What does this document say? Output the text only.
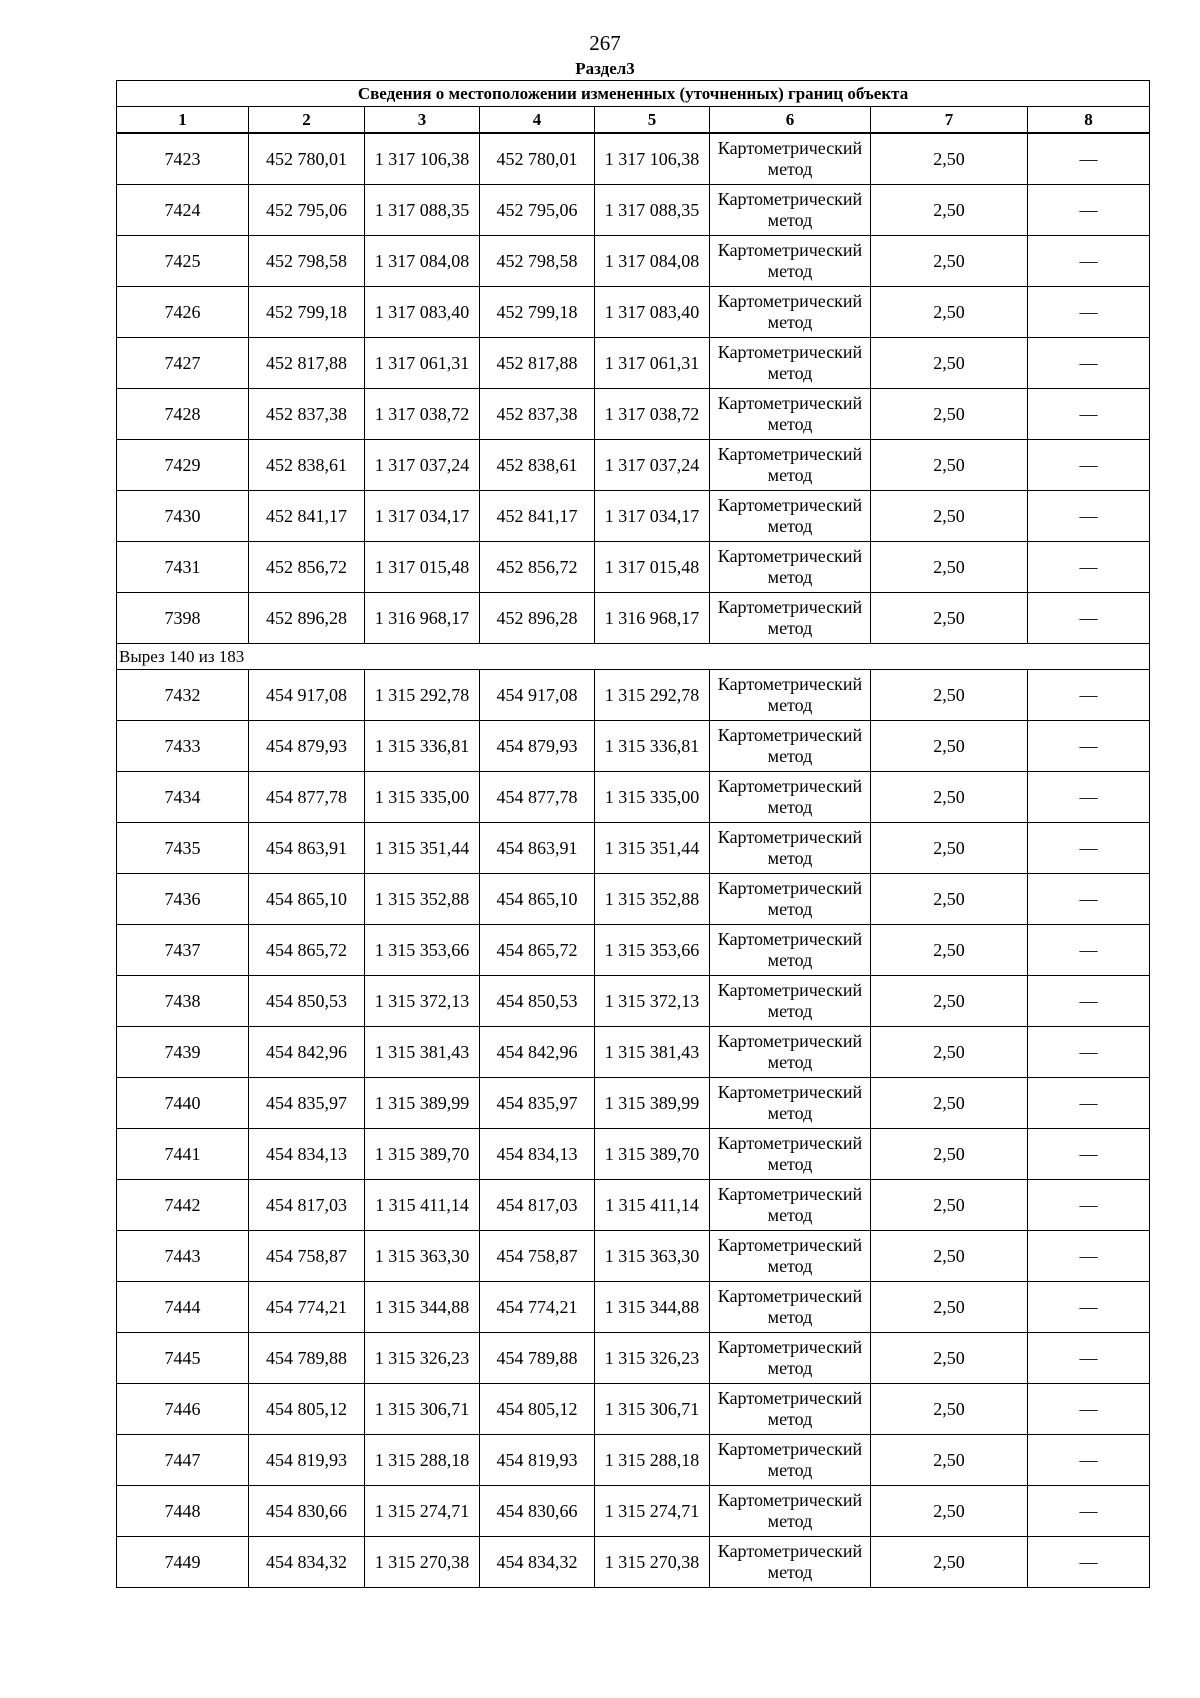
267
Раздел3
Сведения о местоположении измененных (уточненных) границ объекта							
1	2	3	4	5	6	7	8
7423	452 780,01	1 317 106,38	452 780,01	1 317 106,38	Картометрический метод	2,50	—
7424	452 795,06	1 317 088,35	452 795,06	1 317 088,35	Картометрический метод	2,50	—
7425	452 798,58	1 317 084,08	452 798,58	1 317 084,08	Картометрический метод	2,50	—
7426	452 799,18	1 317 083,40	452 799,18	1 317 083,40	Картометрический метод	2,50	—
7427	452 817,88	1 317 061,31	452 817,88	1 317 061,31	Картометрический метод	2,50	—
7428	452 837,38	1 317 038,72	452 837,38	1 317 038,72	Картометрический метод	2,50	—
7429	452 838,61	1 317 037,24	452 838,61	1 317 037,24	Картометрический метод	2,50	—
7430	452 841,17	1 317 034,17	452 841,17	1 317 034,17	Картометрический метод	2,50	—
7431	452 856,72	1 317 015,48	452 856,72	1 317 015,48	Картометрический метод	2,50	—
7398	452 896,28	1 316 968,17	452 896,28	1 316 968,17	Картометрический метод	2,50	—
Вырез 140 из 183							
7432	454 917,08	1 315 292,78	454 917,08	1 315 292,78	Картометрический метод	2,50	—
7433	454 879,93	1 315 336,81	454 879,93	1 315 336,81	Картометрический метод	2,50	—
7434	454 877,78	1 315 335,00	454 877,78	1 315 335,00	Картометрический метод	2,50	—
7435	454 863,91	1 315 351,44	454 863,91	1 315 351,44	Картометрический метод	2,50	—
7436	454 865,10	1 315 352,88	454 865,10	1 315 352,88	Картометрический метод	2,50	—
7437	454 865,72	1 315 353,66	454 865,72	1 315 353,66	Картометрический метод	2,50	—
7438	454 850,53	1 315 372,13	454 850,53	1 315 372,13	Картометрический метод	2,50	—
7439	454 842,96	1 315 381,43	454 842,96	1 315 381,43	Картометрический метод	2,50	—
7440	454 835,97	1 315 389,99	454 835,97	1 315 389,99	Картометрический метод	2,50	—
7441	454 834,13	1 315 389,70	454 834,13	1 315 389,70	Картометрический метод	2,50	—
7442	454 817,03	1 315 411,14	454 817,03	1 315 411,14	Картометрический метод	2,50	—
7443	454 758,87	1 315 363,30	454 758,87	1 315 363,30	Картометрический метод	2,50	—
7444	454 774,21	1 315 344,88	454 774,21	1 315 344,88	Картометрический метод	2,50	—
7445	454 789,88	1 315 326,23	454 789,88	1 315 326,23	Картометрический метод	2,50	—
7446	454 805,12	1 315 306,71	454 805,12	1 315 306,71	Картометрический метод	2,50	—
7447	454 819,93	1 315 288,18	454 819,93	1 315 288,18	Картометрический метод	2,50	—
7448	454 830,66	1 315 274,71	454 830,66	1 315 274,71	Картометрический метод	2,50	—
7449	454 834,32	1 315 270,38	454 834,32	1 315 270,38	Картометрический метод	2,50	—
